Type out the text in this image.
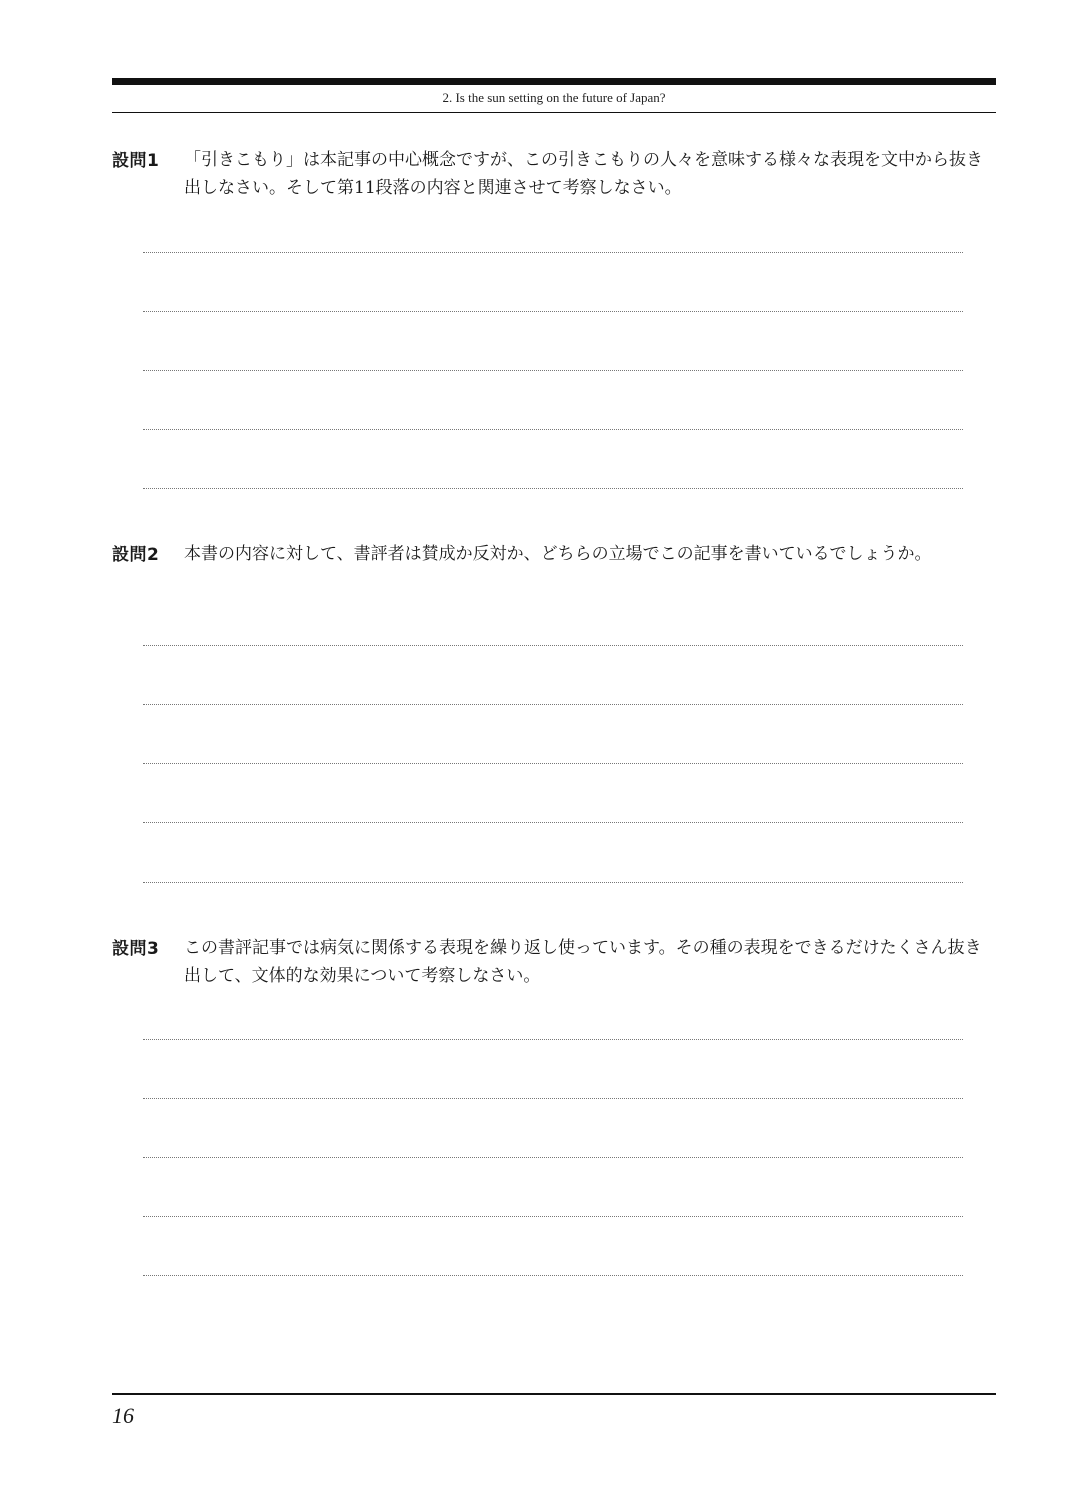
2. Is the sun setting on the future of Japan?
設問1 「引きこもり」は本記事の中心概念ですが、この引きこもりの人々を意味する様々な表現を文中から抜き出しなさい。そして第11段落の内容と関連させて考察しなさい。
設問2 本書の内容に対して、書評者は賛成か反対か、どちらの立場でこの記事を書いているでしょうか。
設問3 この書評記事では病気に関係する表現を繰り返し使っています。その種の表現をできるだけたくさん抜き出して、文体的な効果について考察しなさい。
16
